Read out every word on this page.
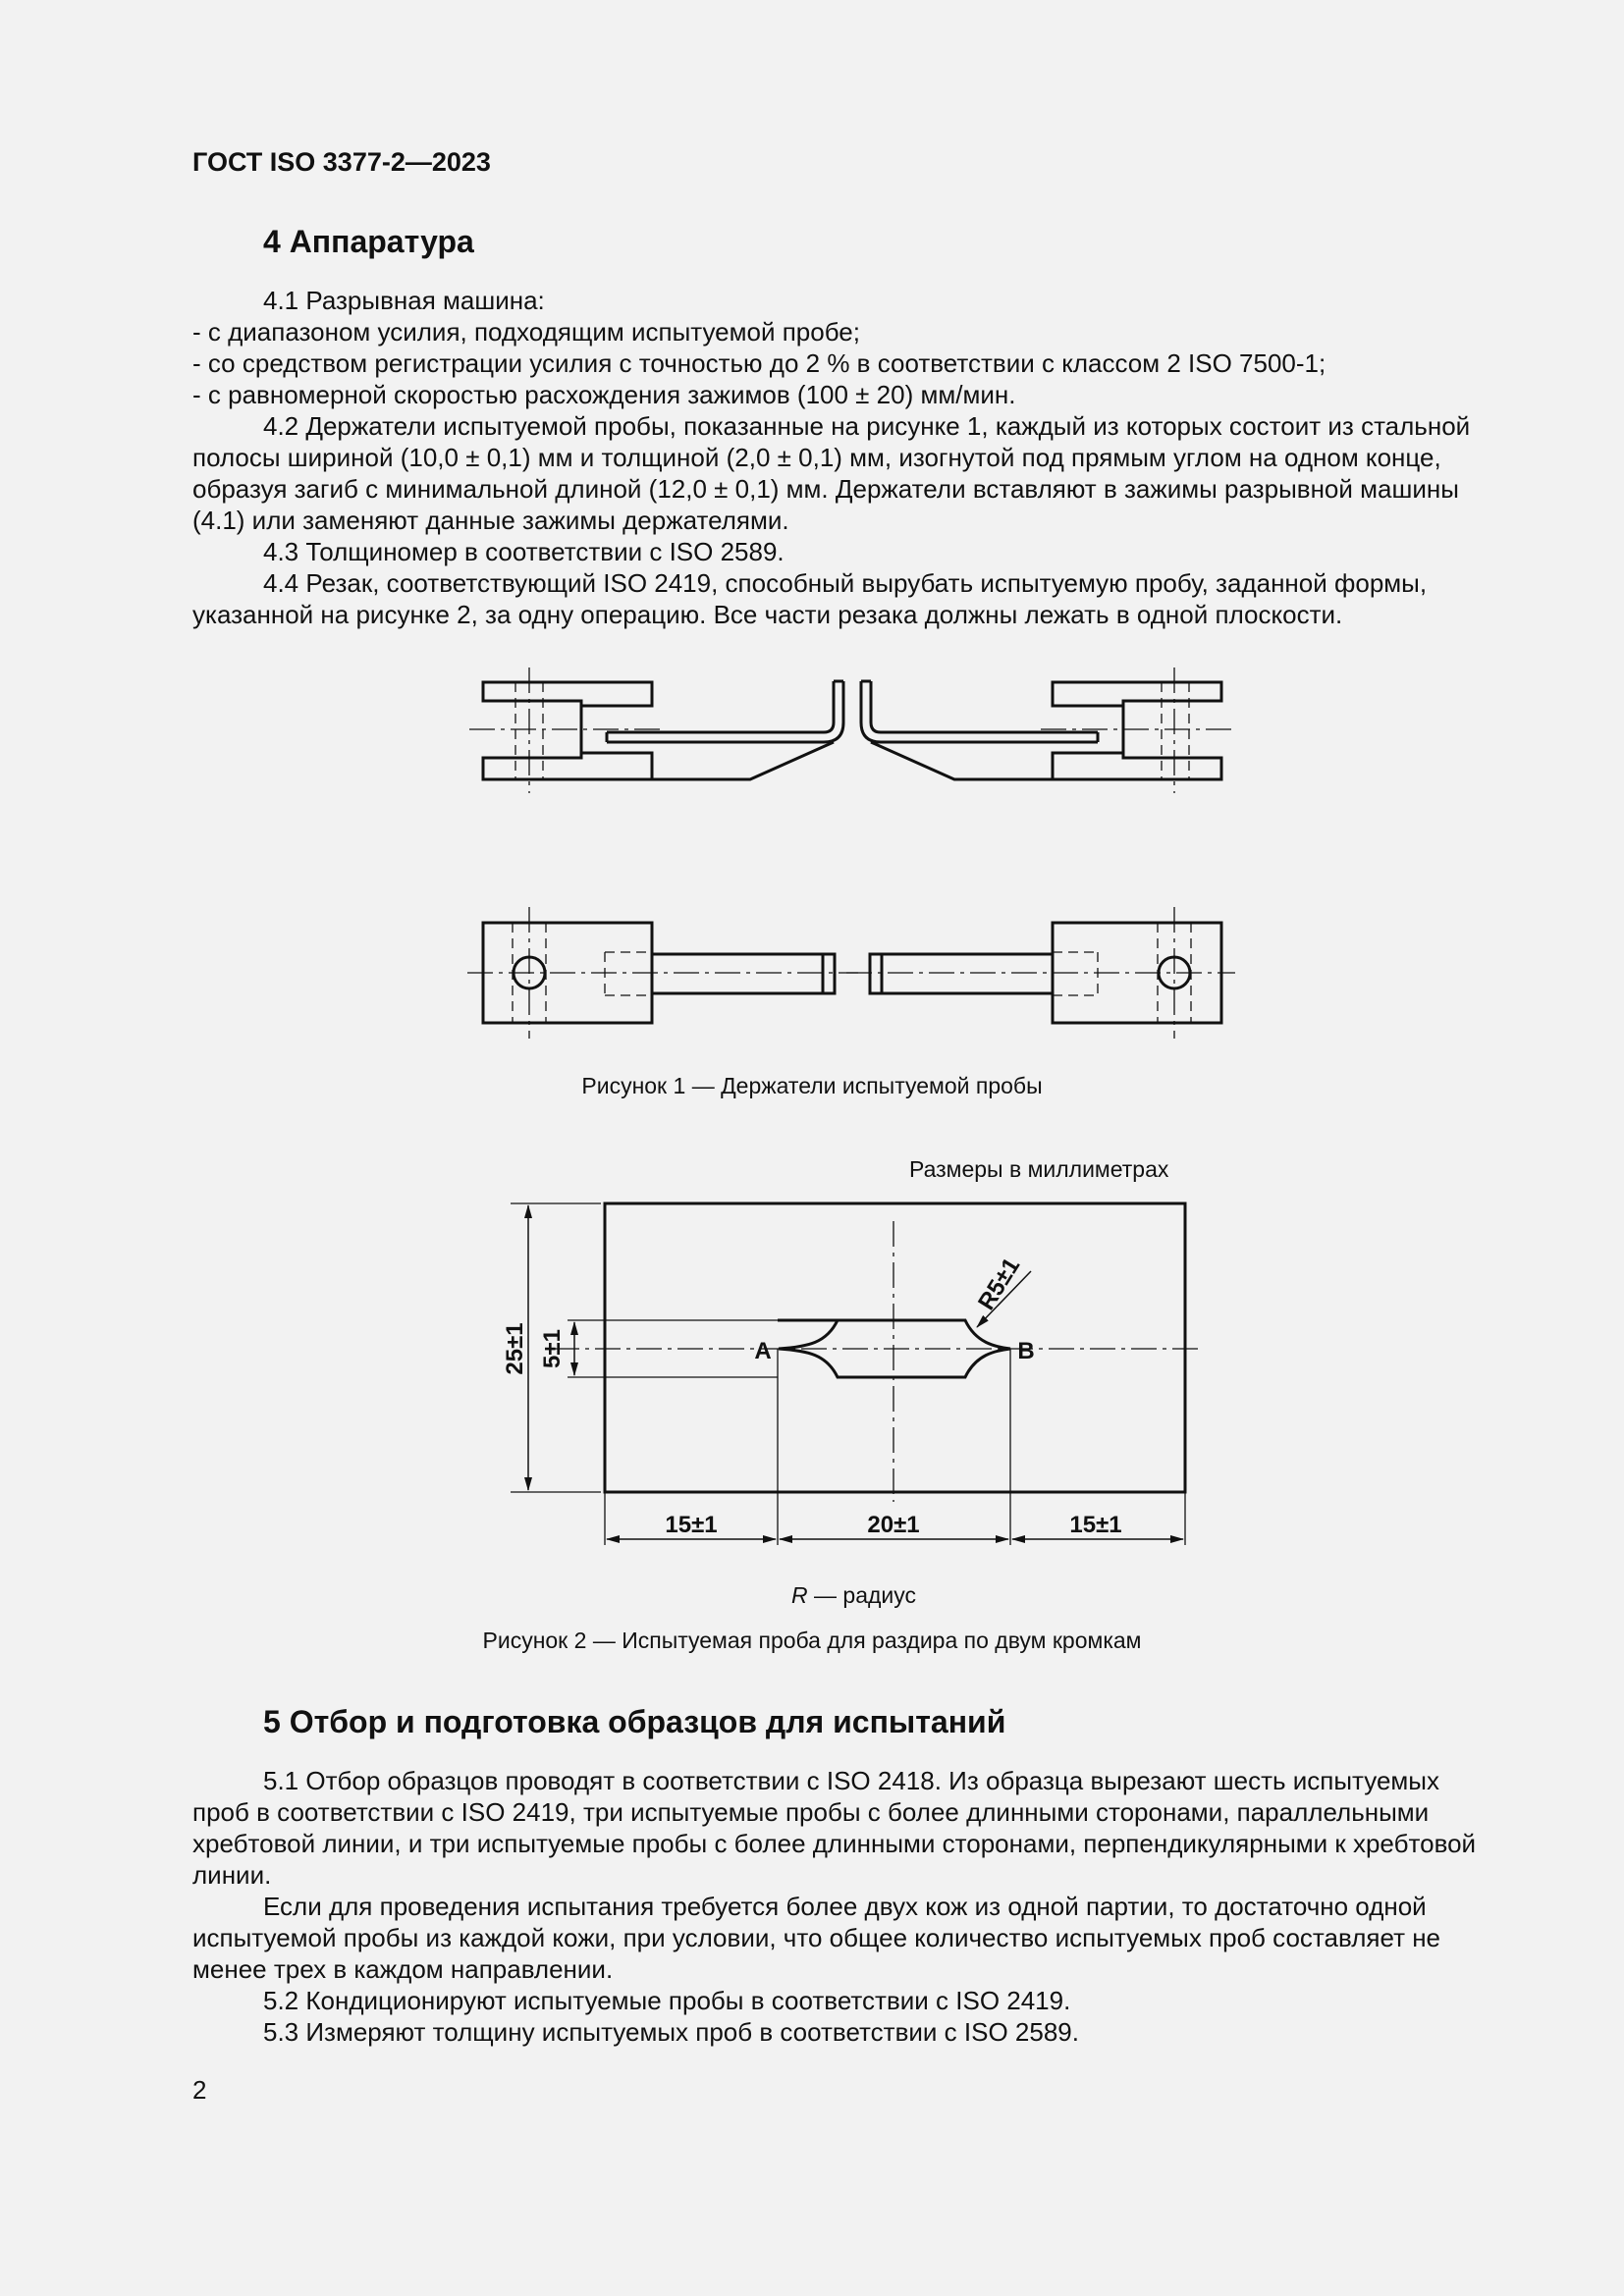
ГОСТ ISO 3377-2—2023
4 Аппаратура

4.1 Разрывная машина:

- с диапазоном усилия, подходящим испытуемой пробе;

- со средством регистрации усилия с точностью до 2 % в соответствии с классом 2 ISO 7500-1;

- с равномерной скоростью расхождения зажимов (100 ± 20) мм/мин.

4.2 Держатели испытуемой пробы, показанные на рисунке 1, каждый из которых состоит из стальной полосы шириной (10,0 ± 0,1) мм и толщиной (2,0 ± 0,1) мм, изогнутой под прямым углом на одном конце, образуя загиб с минимальной длиной (12,0 ± 0,1) мм. Держатели вставляют в зажимы разрывной машины (4.1) или заменяют данные зажимы держателями.

4.3 Толщиномер в соответствии с ISO 2589.

4.4 Резак, соответствующий ISO 2419, способный вырубать испытуемую пробу, заданной формы, указанной на рисунке 2, за одну операцию. Все части резака должны лежать в одной плоскости.

Рисунок 1 — Держатели испытуемой пробы
Размеры в миллиметрах
25±1 5±1
R5±1
A	B
15±1	20±1	15±1
R — радиус
Рисунок 2 — Испытуемая проба для раздира по двум кромкам
5 Отбор и подготовка образцов для испытаний

5.1 Отбор образцов проводят в соответствии с ISO 2418. Из образца вырезают шесть испытуемых проб в соответствии с ISO 2419, три испытуемые пробы с более длинными сторонами, параллельными хребтовой линии, и три испытуемые пробы с более длинными сторонами, перпендикулярными к хребтовой линии.

Если для проведения испытания требуется более двух кож из одной партии, то достаточно одной испытуемой пробы из каждой кожи, при условии, что общее количество испытуемых проб составляет не менее трех в каждом направлении.

5.2 Кондиционируют испытуемые пробы в соответствии с ISO 2419.

5.3 Измеряют толщину испытуемых проб в соответствии с ISO 2589.

2
